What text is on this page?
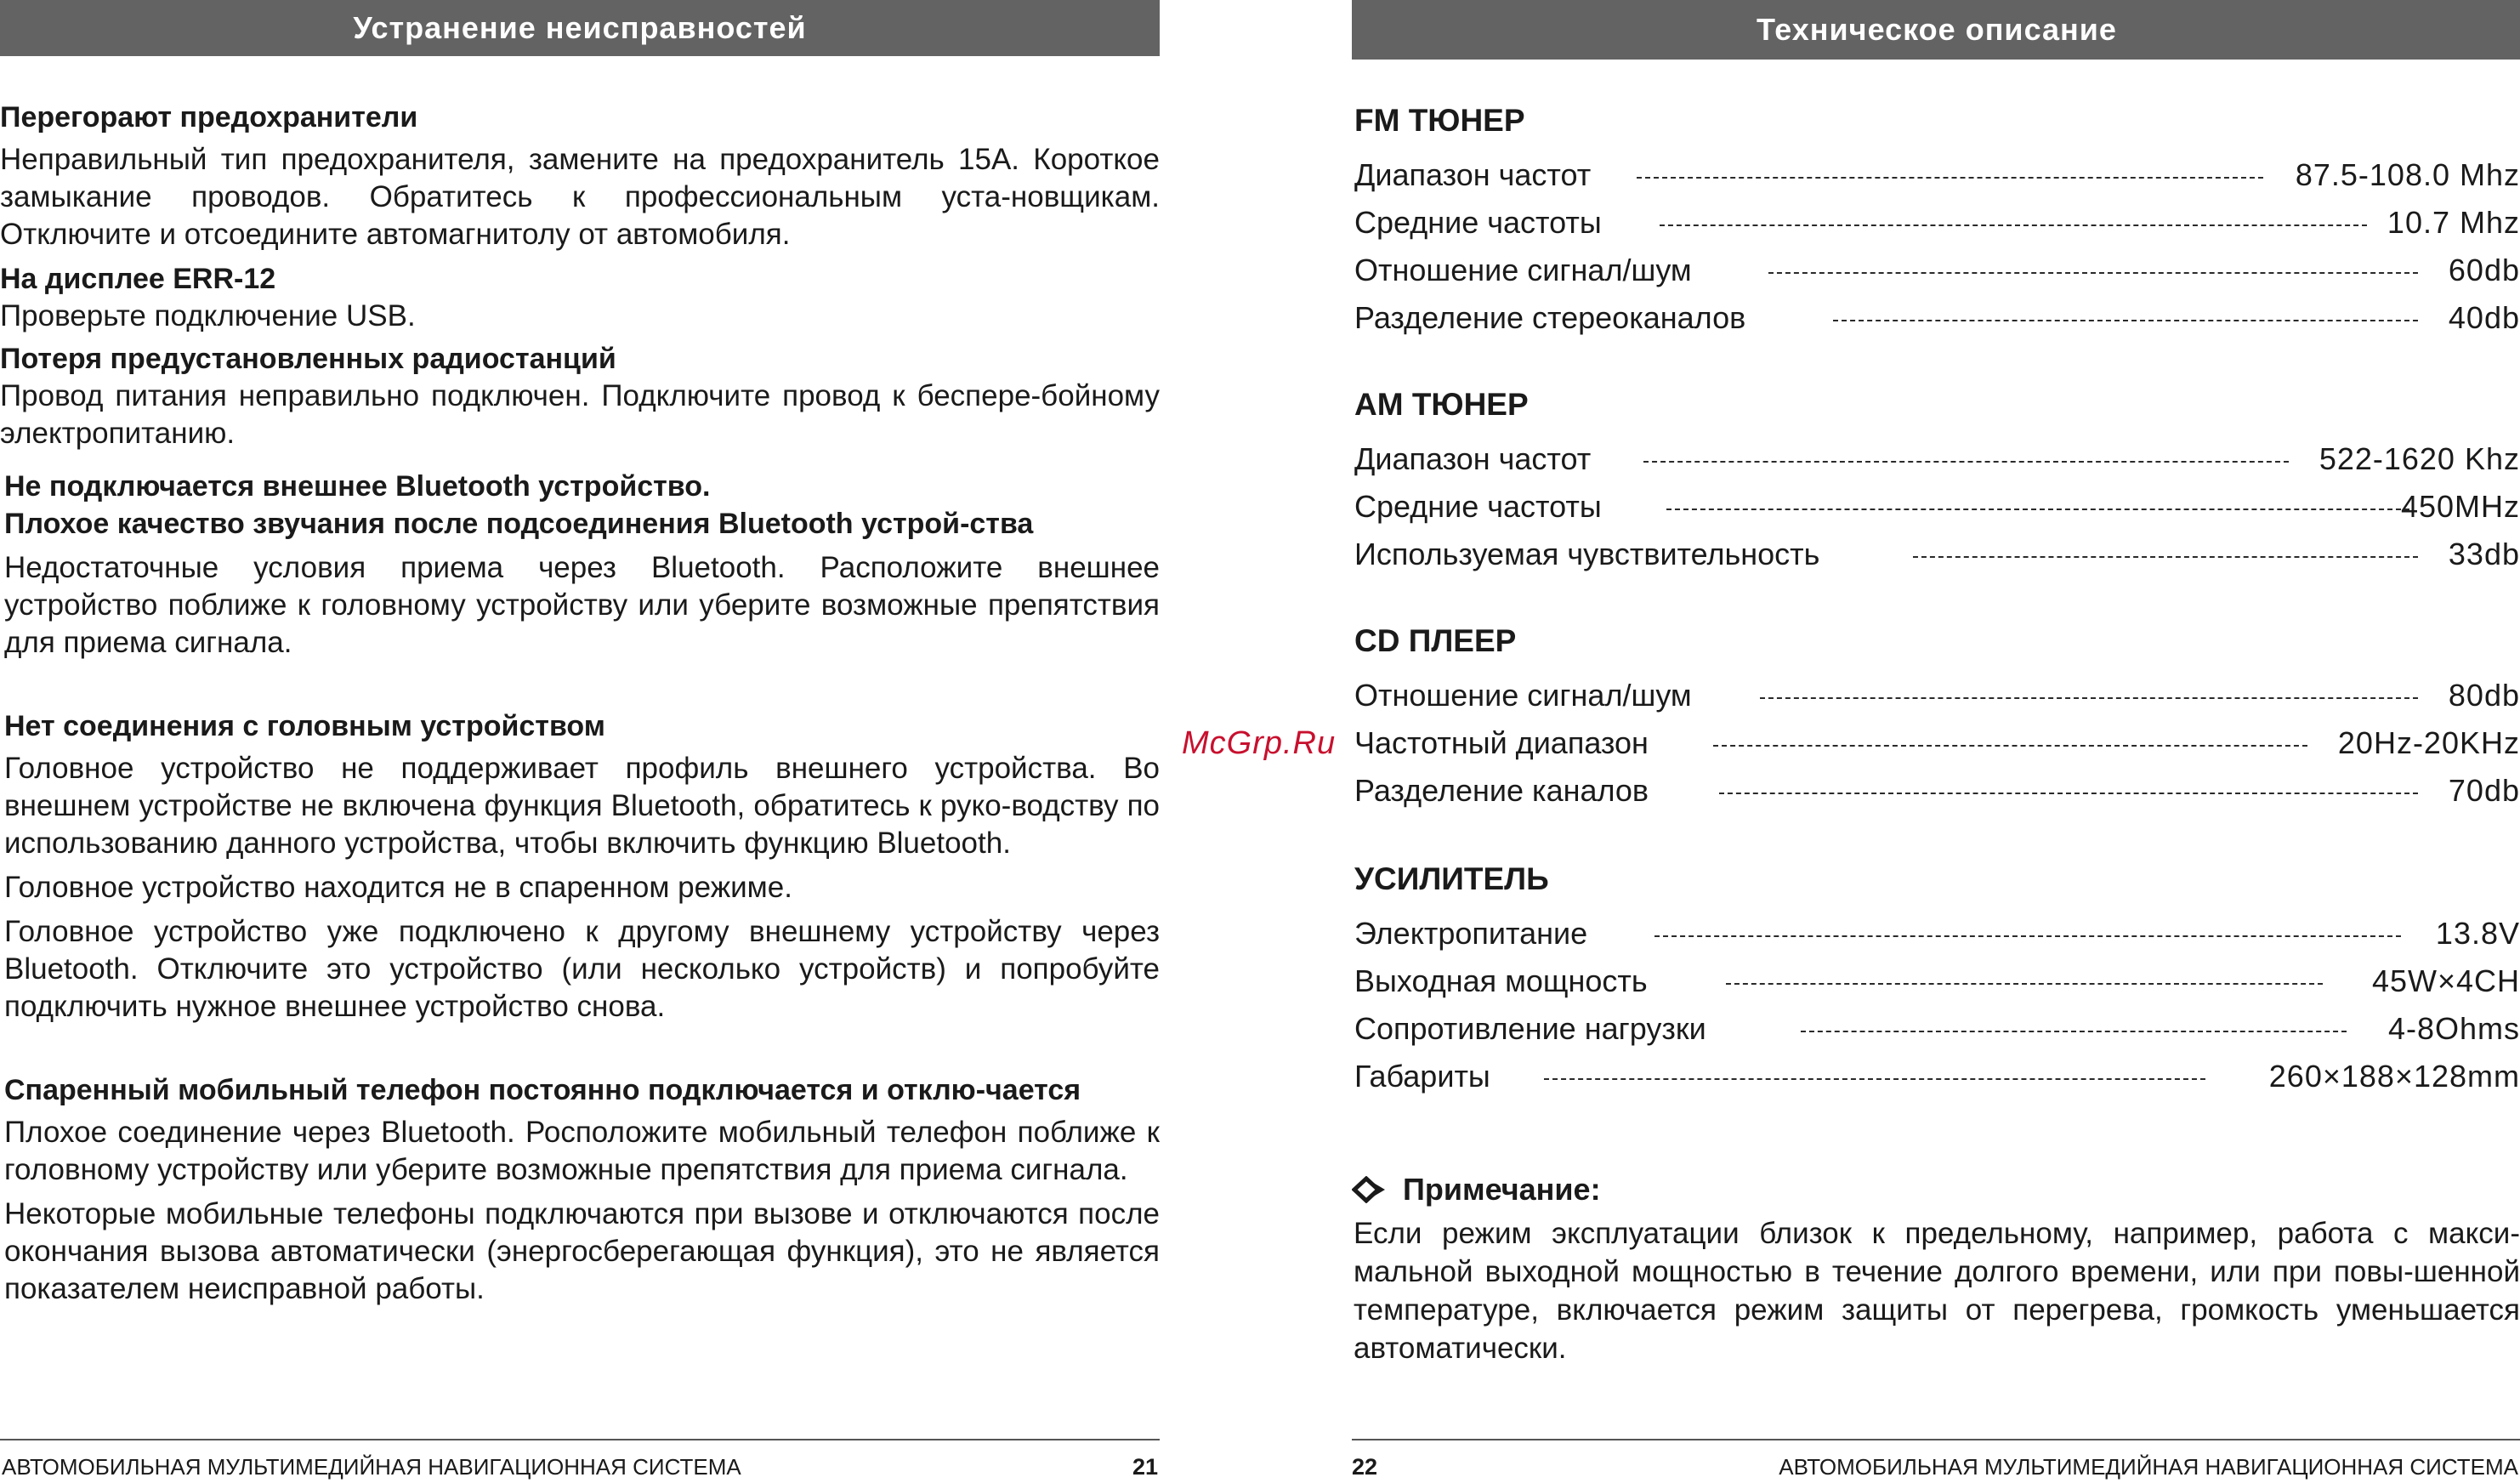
Устранение неисправностей

Перегорают предохранители

Неправильный тип предохранителя, замените на предохранитель 15А. Короткое замыкание проводов. Обратитесь к профессиональным уста-новщикам. Отключите и отсоедините автомагнитолу от автомобиля.

На дисплее ERR-12

Проверьте подключение USB.

Потеря предустановленных радиостанций

Провод питания неправильно подключен. Подключите провод к беспере-бойному электропитанию.

Не подключается внешнее Bluetooth устройство.
Плохое качество звучания после подсоединения Bluetooth устрой-ства

Недостаточные условия приема через Bluetooth. Расположите внешнее устройство поближе к головному устройству или уберите возможные препятствия для приема сигнала.

Нет соединения с головным устройством

Головное устройство не поддерживает профиль внешнего устройства. Во внешнем устройстве не включена функция Bluetooth, обратитесь к руко-водству по использованию данного устройства, чтобы включить функцию Bluetooth.

Головное устройство находится не в спаренном режиме.

Головное устройство уже подключено к другому внешнему устройству через Bluetooth. Отключите это устройство (или несколько устройств) и попробуйте подключить нужное внешнее устройство снова.

Спаренный мобильный телефон постоянно подключается и отклю-чается

Плохое соединение через Bluetooth. Росположите мобильный телефон поближе к головному устройству или уберите возможные препятствия для приема сигнала.

Некоторые мобильные телефоны подключаются при вызове и отключаются после окончания вызова автоматически (энергосберегающая функция), это не является показателем неисправной работы.

АВТОМОБИЛЬНАЯ МУЛЬТИМЕДИЙНАЯ НАВИГАЦИОННАЯ СИСТЕМА	21
McGrp.Ru
Техническое описание
FM ТЮНЕР
Диапазон частот	87.5-108.0 Mhz
Средние частоты	10.7 Mhz
Отношение сигнал/шум	60db
Разделение стереоканалов	40db
АМ ТЮНЕР
Диапазон частот	522-1620 Khz
Средние частоты	450MHz
Используемая чувствительность	33db
CD ПЛЕЕР
Отношение сигнал/шум	80db
Частотный диапазон	20Hz-20KHz
Разделение каналов	70db
УСИЛИТЕЛЬ
Электропитание	13.8V
Выходная мощность	45W×4CH
Сопротивление нагрузки	4-8Ohms
Габариты	260×188×128mm
Примечание:

Если режим эксплуатации близок к предельному, например, работа с макси-мальной выходной мощностью в течение долгого времени, или при повы-шенной температуре, включается режим защиты от перегрева, громкость уменьшается автоматически.

22	АВТОМОБИЛЬНАЯ МУЛЬТИМЕДИЙНАЯ НАВИГАЦИОННАЯ СИСТЕМА
